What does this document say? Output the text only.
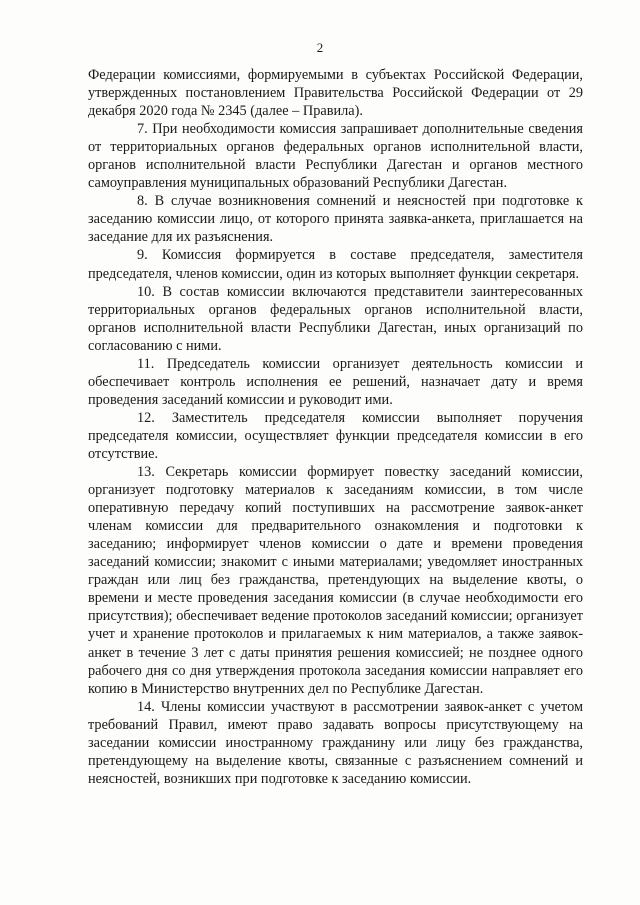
2

Федерации комиссиями, формируемыми в субъектах Российской Федерации, утвержденных постановлением Правительства Российской Федерации от 29 декабря 2020 года № 2345 (далее – Правила).

7. При необходимости комиссия запрашивает дополнительные сведения от территориальных органов федеральных органов исполнительной власти, органов исполнительной власти Республики Дагестан и органов местного самоуправления муниципальных образований Республики Дагестан.

8. В случае возникновения сомнений и неясностей при подготовке к заседанию комиссии лицо, от которого принята заявка-анкета, приглашается на заседание для их разъяснения.

9. Комиссия формируется в составе председателя, заместителя председателя, членов комиссии, один из которых выполняет функции секретаря.

10. В состав комиссии включаются представители заинтересованных территориальных органов федеральных органов исполнительной власти, органов исполнительной власти Республики Дагестан, иных организаций по согласованию с ними.

11. Председатель комиссии организует деятельность комиссии и обеспечивает контроль исполнения ее решений, назначает дату и время проведения заседаний комиссии и руководит ими.

12. Заместитель председателя комиссии выполняет поручения председателя комиссии, осуществляет функции председателя комиссии в его отсутствие.

13. Секретарь комиссии формирует повестку заседаний комиссии, организует подготовку материалов к заседаниям комиссии, в том числе оперативную передачу копий поступивших на рассмотрение заявок-анкет членам комиссии для предварительного ознакомления и подготовки к заседанию; информирует членов комиссии о дате и времени проведения заседаний комиссии; знакомит с иными материалами; уведомляет иностранных граждан или лиц без гражданства, претендующих на выделение квоты, о времени и месте проведения заседания комиссии (в случае необходимости его присутствия); обеспечивает ведение протоколов заседаний комиссии; организует учет и хранение протоколов и прилагаемых к ним материалов, а также заявок-анкет в течение 3 лет с даты принятия решения комиссией; не позднее одного рабочего дня со дня утверждения протокола заседания комиссии направляет его копию в Министерство внутренних дел по Республике Дагестан.

14. Члены комиссии участвуют в рассмотрении заявок-анкет с учетом требований Правил, имеют право задавать вопросы присутствующему на заседании комиссии иностранному гражданину или лицу без гражданства, претендующему на выделение квоты, связанные с разъяснением сомнений и неясностей, возникших при подготовке к заседанию комиссии.
